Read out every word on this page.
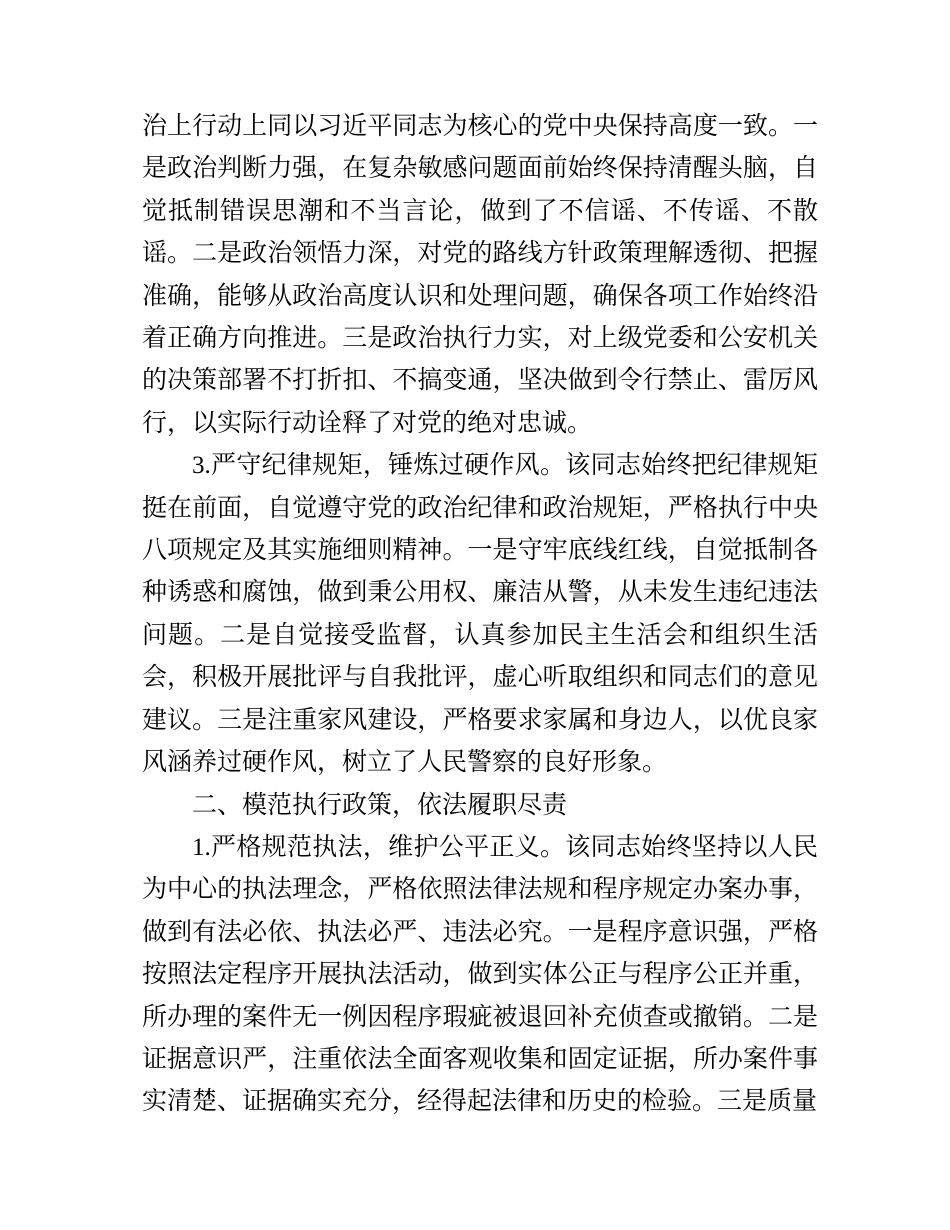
治上行动上同以习近平同志为核心的党中央保持高度一致。一是政治判断力强，在复杂敏感问题面前始终保持清醒头脑，自觉抵制错误思潮和不当言论，做到了不信谣、不传谣、不散谣。二是政治领悟力深，对党的路线方针政策理解透彻、把握准确，能够从政治高度认识和处理问题，确保各项工作始终沿着正确方向推进。三是政治执行力实，对上级党委和公安机关的决策部署不打折扣、不搞变通，坚决做到令行禁止、雷厉风行，以实际行动诠释了对党的绝对忠诚。

3.严守纪律规矩，锤炼过硬作风。该同志始终把纪律规矩挺在前面，自觉遵守党的政治纪律和政治规矩，严格执行中央八项规定及其实施细则精神。一是守牢底线红线，自觉抵制各种诱惑和腐蚀，做到秉公用权、廉洁从警，从未发生违纪违法问题。二是自觉接受监督，认真参加民主生活会和组织生活会，积极开展批评与自我批评，虚心听取组织和同志们的意见建议。三是注重家风建设，严格要求家属和身边人，以优良家风涵养过硬作风，树立了人民警察的良好形象。

二、模范执行政策，依法履职尽责

1.严格规范执法，维护公平正义。该同志始终坚持以人民为中心的执法理念，严格依照法律法规和程序规定办案办事，做到有法必依、执法必严、违法必究。一是程序意识强，严格按照法定程序开展执法活动，做到实体公正与程序公正并重，所办理的案件无一例因程序瑕疵被退回补充侦查或撤销。二是证据意识严，注重依法全面客观收集和固定证据，所办案件事实清楚、证据确实充分，经得起法律和历史的检验。三是质量
